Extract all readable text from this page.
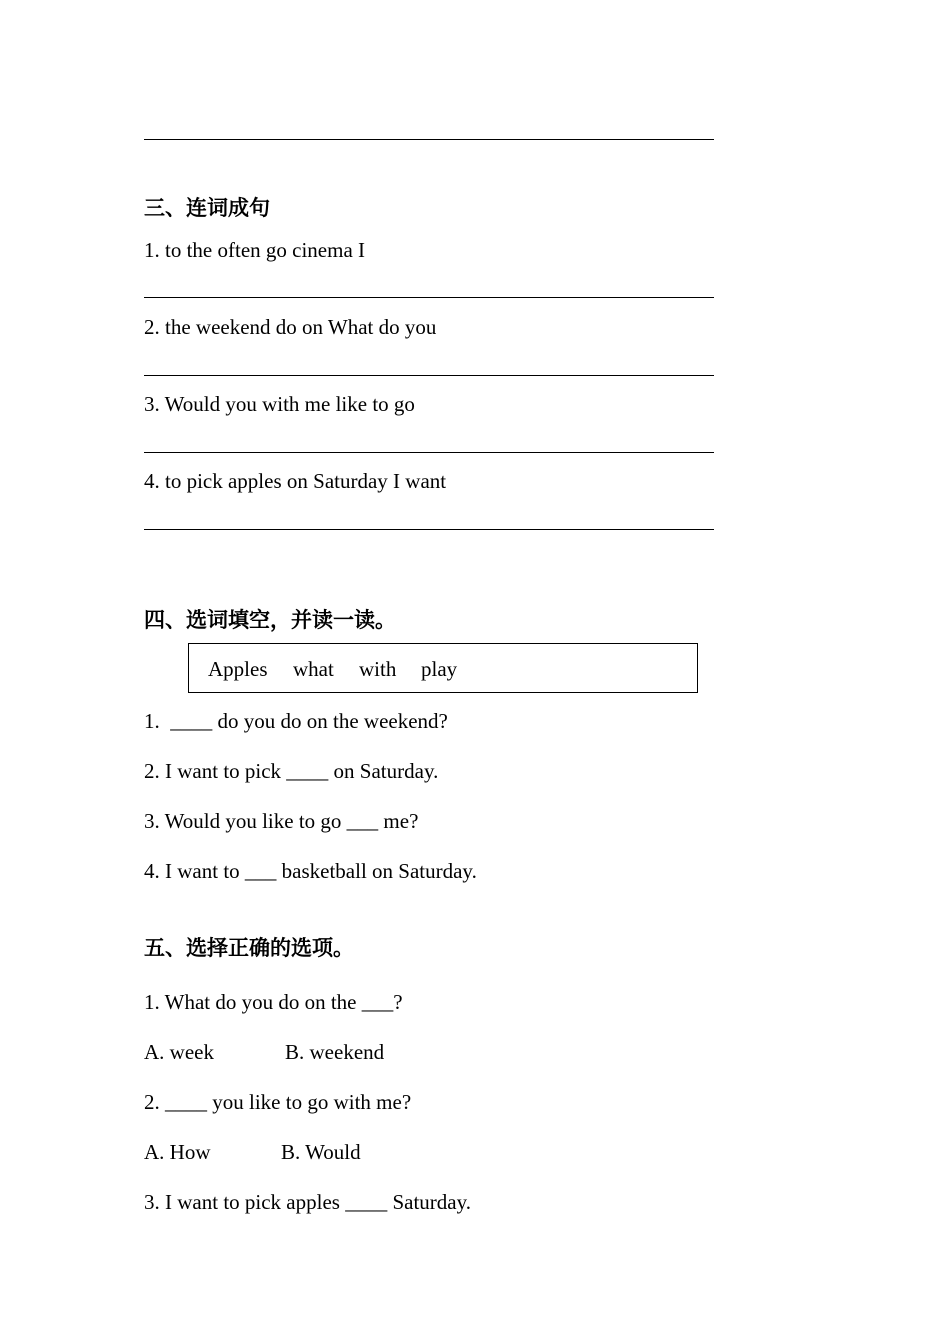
三、连词成句
1. to the often go cinema I
2. the weekend do on What do you
3. Would you with me like to go
4. to pick apples on Saturday I want
四、选词填空，并读一读。
Apples what with play
1.  ____ do you do on the weekend?
2. I want to pick ____ on Saturday.
3. Would you like to go ___ me?
4. I want to ___ basketball on Saturday.
五、选择正确的选项。
1. What do you do on the ___?
A. week	B. weekend
2. ____ you like to go with me?
A. How	B. Would
3. I want to pick apples ____ Saturday.
